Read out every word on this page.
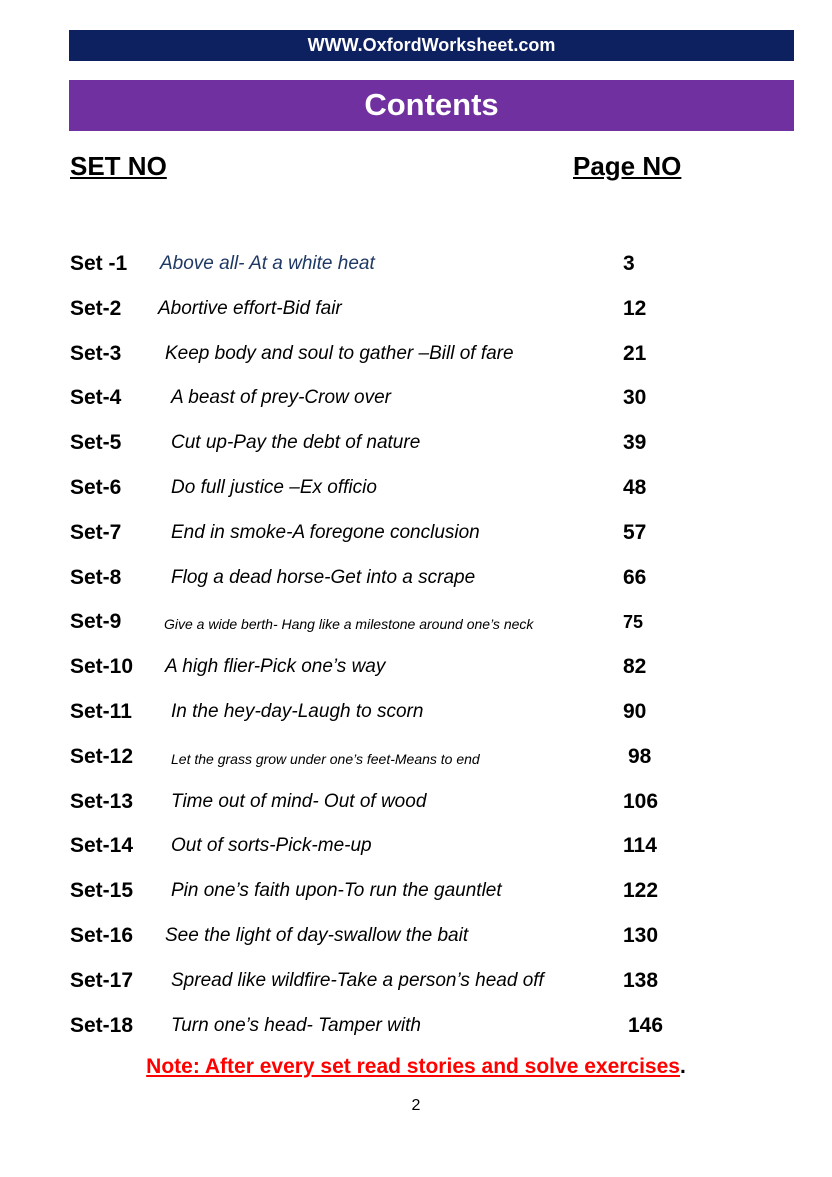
WWW.OxfordWorksheet.com
Contents
SET NO	Page NO
Set -1 Above all- At a white heat	3
Set-2 Abortive effort-Bid fair	12
Set-3 Keep body and soul to gather –Bill of fare	21
Set-4	A beast of prey-Crow over	30
Set-5	Cut up-Pay the debt of nature	39
Set-6	Do full justice –Ex officio	48
Set-7	End in smoke-A foregone conclusion	57
Set-8	Flog a dead horse-Get into a scrape	66
Set-9	Give a wide berth- Hang like a milestone around one’s neck	75
Set-10 A high flier-Pick one’s way	82
Set-11 In the hey-day-Laugh to scorn	90
Set-12	Let the grass grow under one’s feet-Means to end	98
Set-13 Time out of mind- Out of wood	106
Set-14 Out of sorts-Pick-me-up	114
Set-15 Pin one’s faith upon-To run the gauntlet	122
Set-16 See the light of day-swallow the bait	130
Set-17 Spread like wildfire-Take a person’s head off	138
Set-18 Turn one’s head- Tamper with	146
Note: After every set read stories and solve exercises.
2
